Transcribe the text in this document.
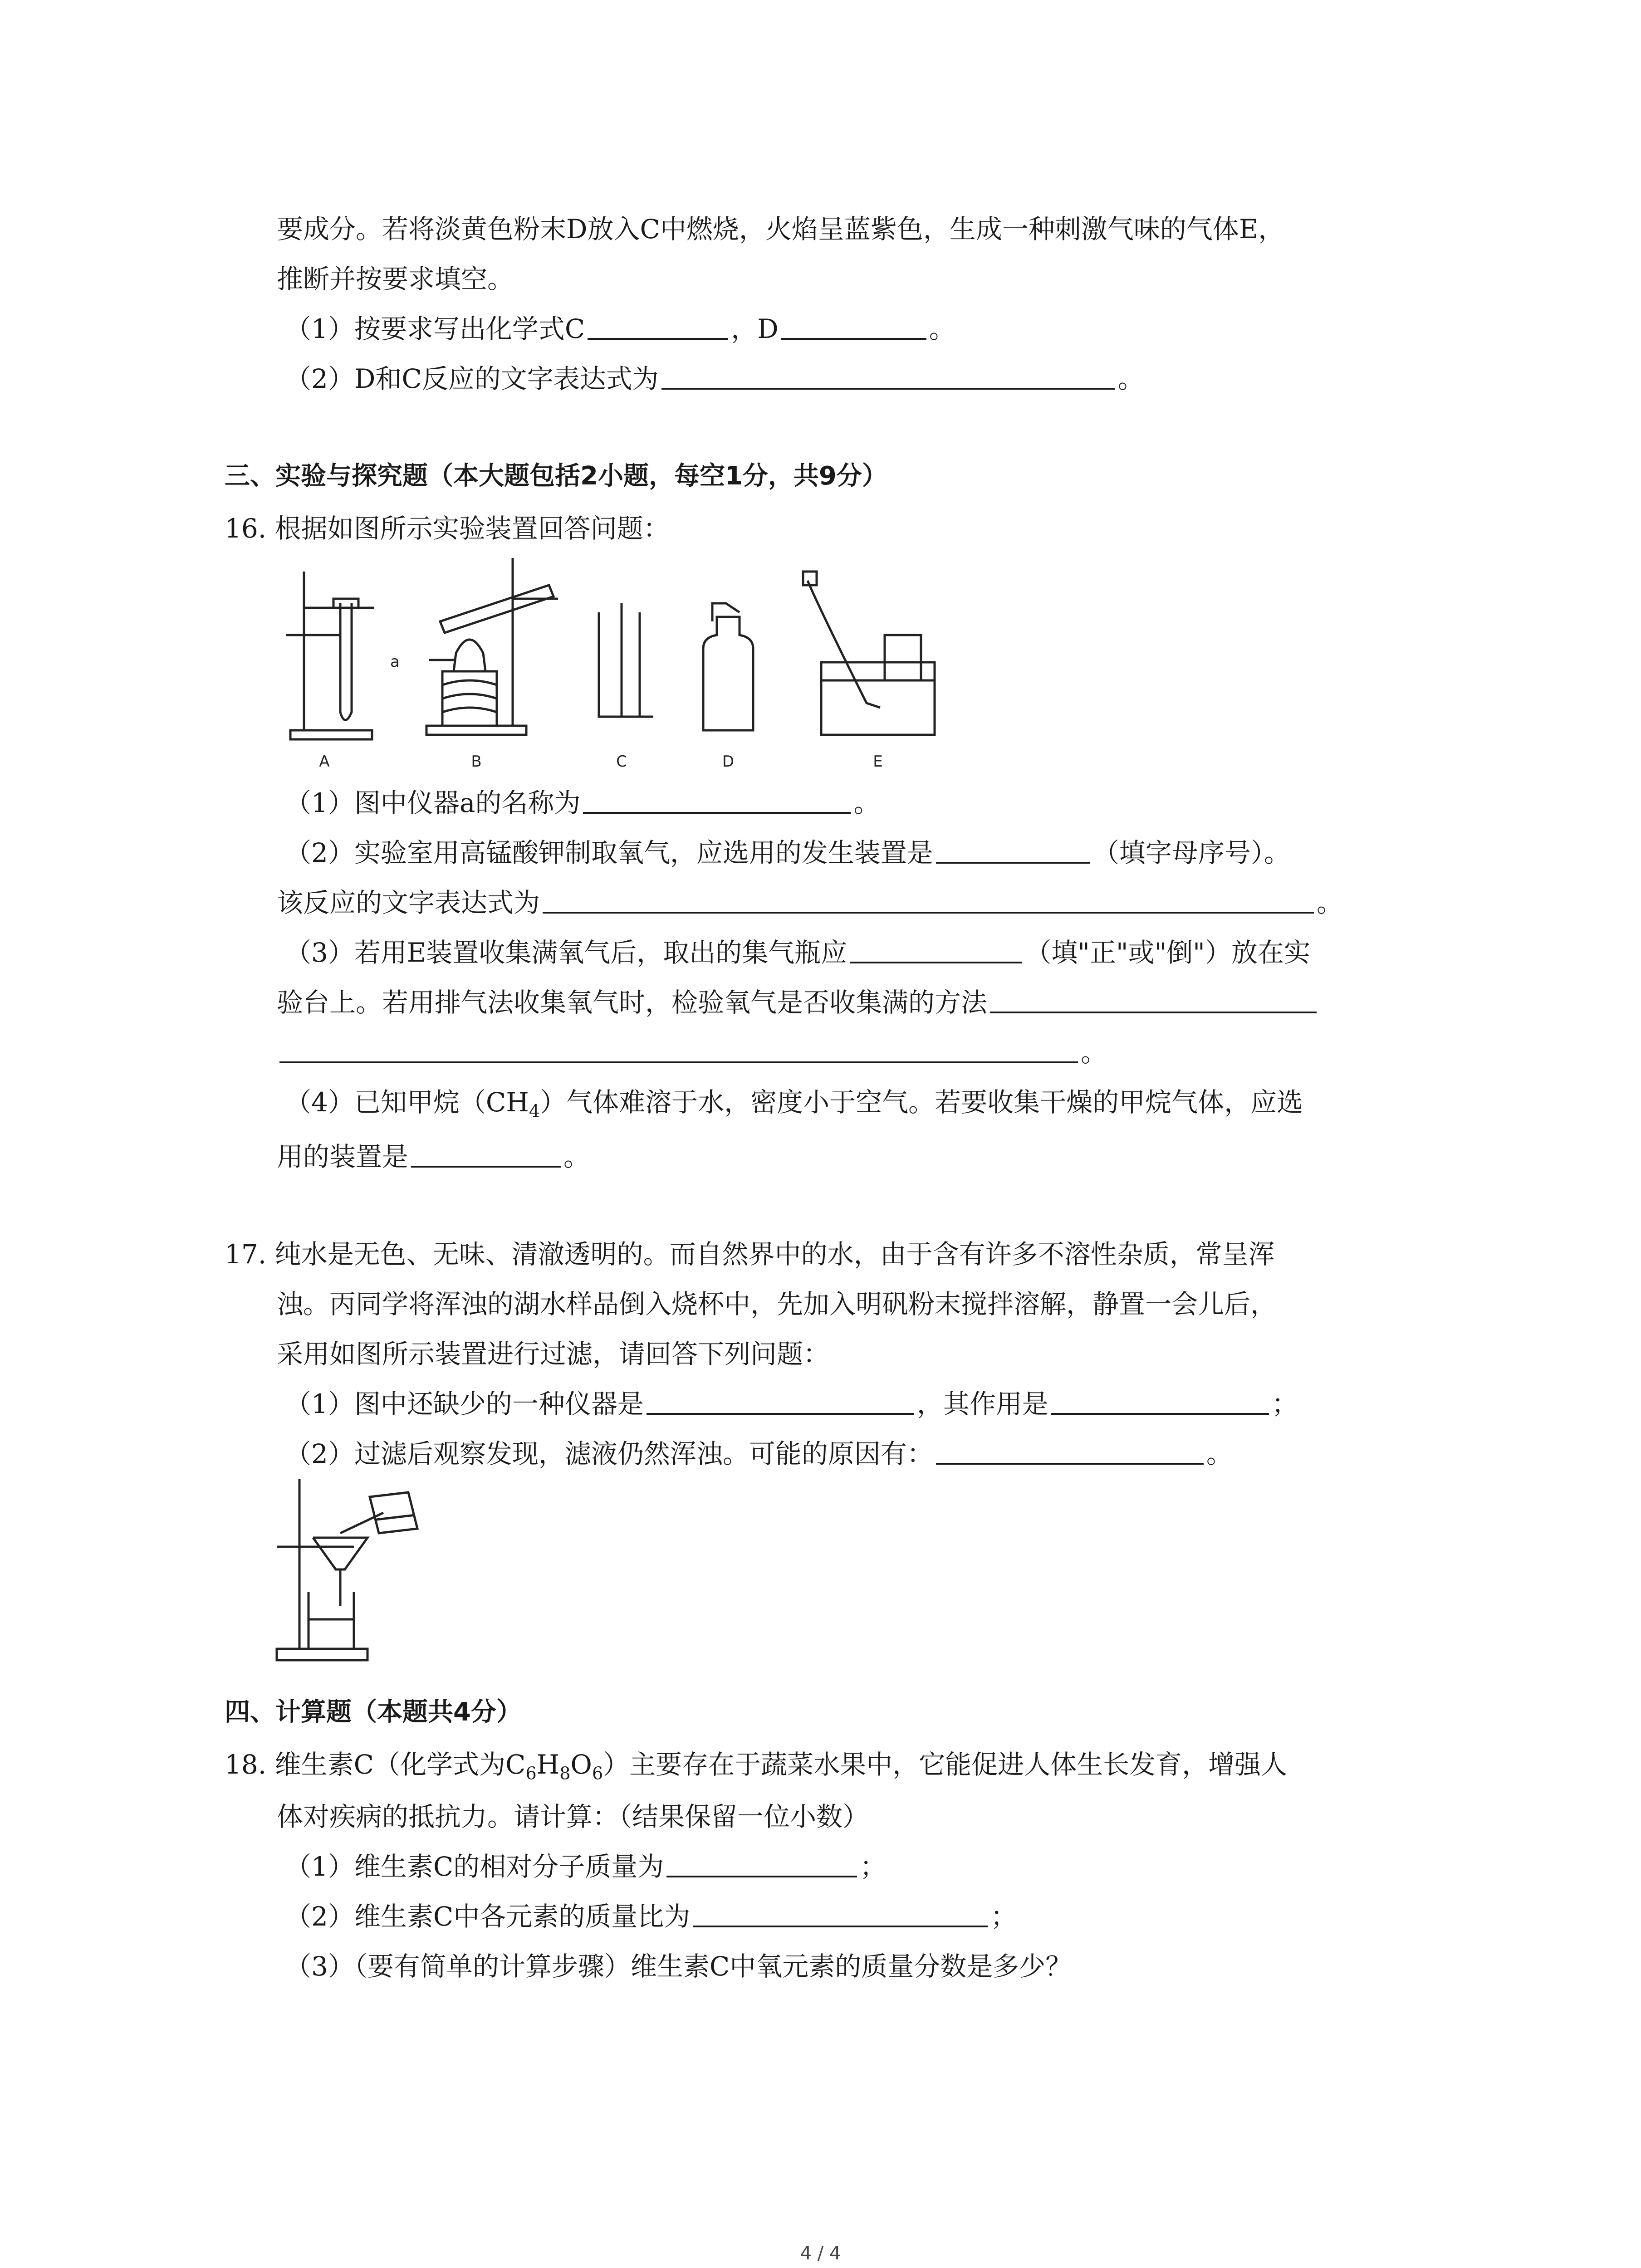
要成分。若将淡黄色粉末D放入C中燃烧，火焰呈蓝紫色，生成一种刺激气味的气体E，
推断并按要求填空。
（1）按要求写出化学式C	，D	。
（2）D和C反应的文字表达式为	。
三、实验与探究题（本大题包括2小题，每空1分，共9分）
16. 根据如图所示实验装置回答问题：
A	B	C	D	E
a
（1）图中仪器a的名称为	。
（2）实验室用高锰酸钾制取氧气，应选用的发生装置是	（填字母序号）。
该反应的文字表达式为	。
（3）若用E装置收集满氧气后，取出的集气瓶应	（填"正"或"倒"）放在实
验台上。若用排气法收集氧气时，检验氧气是否收集满的方法
。
（4）已知甲烷$(CH_4)$气体难溶于水，密度小于空气。若要收集干燥的甲烷气体，应选
用的装置是	。
17. 纯水是无色、无味、清澈透明的。而自然界中的水，由于含有许多不溶性杂质，常呈浑
浊。丙同学将浑浊的湖水样品倒入烧杯中，先加入明矾粉末搅拌溶解，静置一会儿后，
采用如图所示装置进行过滤，请回答下列问题：
（1）图中还缺少的一种仪器是	，其作用是	；
（2）过滤后观察发现，滤液仍然浑浊。可能的原因有：	。
四、计算题（本题共4分）
18. 维生素C（化学式为$C_6H_8O_6$）主要存在于蔬菜水果中，它能促进人体生长发育，增强人
体对疾病的抵抗力。请计算：（结果保留一位小数）
（1）维生素C的相对分子质量为	；
（2）维生素C中各元素的质量比为	；
（3）（要有简单的计算步骤）维生素C中氧元素的质量分数是多少？
4 / 4
